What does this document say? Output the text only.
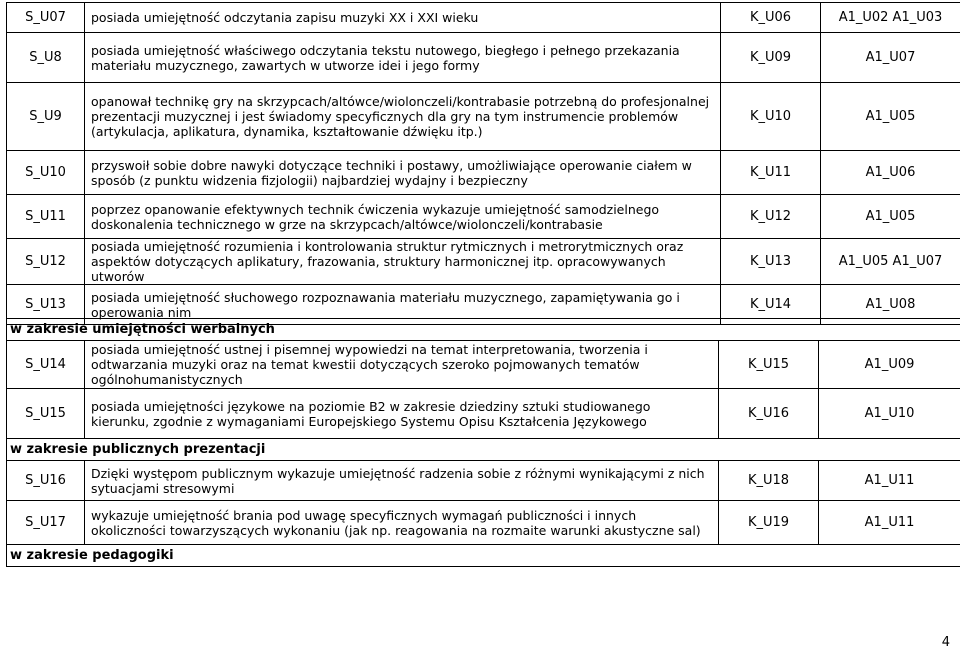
S_U07	posiada umiejętność odczytania zapisu muzyki XX i XXI wieku	K_U06	A1_U02 A1_U03
S_U8	posiada umiejętność właściwego odczytania tekstu nutowego, biegłego i pełnego przekazania materiału muzycznego, zawartych w utworze idei i jego formy	K_U09	A1_U07
S_U9	opanował technikę gry na skrzypcach/altówce/wiolonczeli/kontrabasie potrzebną do profesjonalnej prezentacji muzycznej i jest świadomy specyficznych dla gry na tym instrumencie problemów (artykulacja, aplikatura, dynamika, kształtowanie dźwięku itp.)	K_U10	A1_U05
S_U10	przyswoił sobie dobre nawyki dotyczące techniki i postawy, umożliwiające operowanie ciałem w sposób (z punktu widzenia fizjologii) najbardziej wydajny i bezpieczny	K_U11	A1_U06
S_U11	poprzez opanowanie efektywnych technik ćwiczenia wykazuje umiejętność samodzielnego doskonalenia technicznego w grze na skrzypcach/altówce/wiolonczeli/kontrabasie	K_U12	A1_U05
S_U12	posiada umiejętność rozumienia i kontrolowania struktur rytmicznych i metrorytmicznych oraz aspektów dotyczących aplikatury, frazowania, struktury harmonicznej itp. opracowywanych utworów	K_U13	A1_U05 A1_U07
S_U13	posiada umiejętność słuchowego rozpoznawania materiału muzycznego, zapamiętywania go i operowania nim	K_U14	A1_U08
w zakresie umiejętności werbalnych			
S_U14	posiada umiejętność ustnej i pisemnej wypowiedzi na temat interpretowania, tworzenia i odtwarzania muzyki oraz na temat kwestii dotyczących szeroko pojmowanych tematów ogólnohumanistycznych	K_U15	A1_U09
S_U15	posiada umiejętności językowe na poziomie B2 w zakresie dziedziny sztuki studiowanego kierunku, zgodnie z wymaganiami Europejskiego Systemu Opisu Kształcenia Językowego	K_U16	A1_U10
w zakresie publicznych prezentacji			
S_U16	Dzięki występom publicznym wykazuje umiejętność radzenia sobie z różnymi wynikającymi z nich sytuacjami stresowymi	K_U18	A1_U11
S_U17	wykazuje umiejętność brania pod uwagę specyficznych wymagań publiczności i innych okoliczności towarzyszących wykonaniu (jak np. reagowania na rozmaite warunki akustyczne sal)	K_U19	A1_U11
w zakresie pedagogiki			
4
